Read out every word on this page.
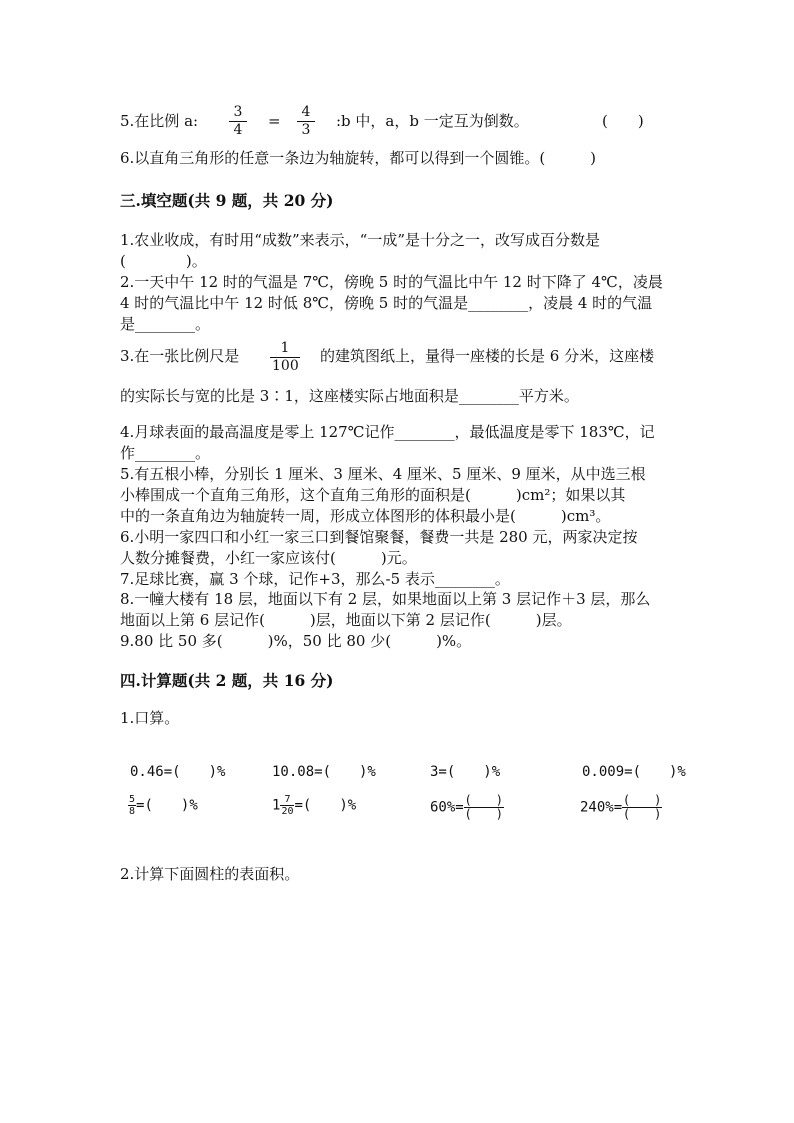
5.在比例 a: $\frac{3}{4} = \frac{4}{3}$ :b 中，a，b 一定互为倒数。	(　　)
6.以直角三角形的任意一条边为轴旋转，都可以得到一个圆锥。(　　　)
三.填空题(共 9 题，共 20 分)
1.农业收成，有时用“成数”来表示，“一成”是十分之一，改写成百分数是
(　　　　)。
2.一天中午 12 时的气温是 7℃，傍晚 5 时的气温比中午 12 时下降了 4℃，凌晨
4 时的气温比中午 12 时低 8℃，傍晚 5 时的气温是________，凌晨 4 时的气温
是________。
3.在一张比例尺是 $\frac{1}{100}$ 的建筑图纸上，量得一座楼的长是 6 分米，这座楼
的实际长与宽的比是 3∶1，这座楼实际占地面积是________平方米。
4.月球表面的最高温度是零上 127℃记作________，最低温度是零下 183℃，记
作________。
5.有五根小棒，分别长 1 厘米、3 厘米、4 厘米、5 厘米、9 厘米，从中选三根
小棒围成一个直角三角形，这个直角三角形的面积是(　　　)cm²；如果以其
中的一条直角边为轴旋转一周，形成立体图形的体积最小是(　　　)cm³。
6.小明一家四口和小红一家三口到餐馆聚餐，餐费一共是 280 元，两家决定按
人数分摊餐费，小红一家应该付(　　　)元。
7.足球比赛，赢 3 个球，记作+3，那么-5 表示________。
8.一幢大楼有 18 层，地面以下有 2 层，如果地面以上第 3 层记作＋3 层，那么
地面以上第 6 层记作(　　　)层，地面以下第 2 层记作(　　　)层。
9.80 比 50 多(　　　)%，50 比 80 少(　　　)%。
四.计算题(共 2 题，共 16 分)
1.口算。
0.46=(　　)%	10.08=(　　)%	3=(　　)%	0.009=(　　)%
$\frac{5}{8}$ =(　　)%	$1 \frac{7}{20}$ =(　　)%	$60\%= \frac{( )}{( )}$	$240\%= \frac{( )}{( )}$
2.计算下面圆柱的表面积。
